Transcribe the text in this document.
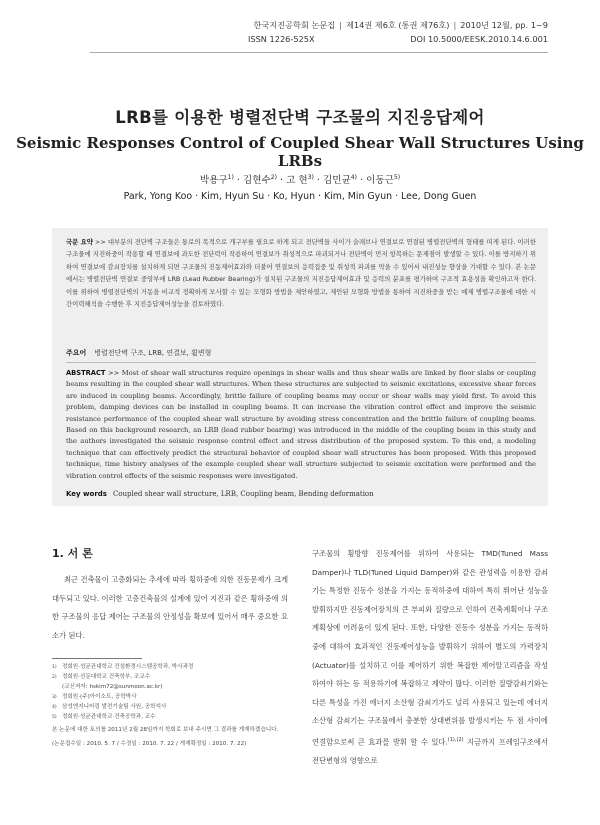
한국지진공학회 논문집 | 제14권 제6호 (통권 제76호) | 2010년 12월, pp. 1~9
ISSN 1226-525X	DOI 10.5000/EESK.2010.14.6.001
LRB를 이용한 병렬전단벽 구조물의 지진응답제어
Seismic Responses Control of Coupled Shear Wall Structures Using LRBs
박용구$^{1)}$ · 김현수$^{2)}$ · 고 현$^{3)}$ · 김민균$^{4)}$ · 이동근$^{5)}$
Park, Yong Koo · Kim, Hyun Su · Ko, Hyun · Kim, Min Gyun · Lee, Dong Guen
국문 요약 >> 대부분의 전단벽 구조들은 통로의 목적으로 개구부를 필요로 하게 되고 전단벽들 사이가 슬래브나 연결보로 연결된 병렬전단벽의 형태를 띠게 된다. 이러한 구조물에 지진하중이 작용할 때 연결보에 과도한 전단력이 작용하여 연결보가 취성적으로 파괴되거나 전단벽이 먼저 항복하는 문제점이 발생할 수 있다. 이를 방지하기 위하여 연결보에 감쇠장치를 설치하게 되면 구조물의 진동제어효과와 더불어 연결보의 응력집중 및 취성적 파괴를 막을 수 있어서 내진성능 향상을 기대할 수 있다. 본 논문에서는 병렬전단벽 연결보 중앙부에 LRB (Lead Rubber Bearing)가 설치된 구조물의 지진응답제어효과 및 응력의 분포를 평가하여 구조적 효용성을 확인하고자 한다. 이를 위하여 병렬전단벽의 거동을 비교적 정확하게 모사할 수 있는 모형화 방법을 제안하였고, 제안된 모형화 방법을 통하여 지진하중을 받는 예제 병렬구조물에 대한 시간이력해석을 수행한 후 지진응답제어성능을 검토하였다.
주요어 병렬전단벽 구조, LRB, 연결보, 휨변형
ABSTRACT >> Most of shear wall structures require openings in shear walls and thus shear walls are linked by floor slabs or coupling beams resulting in the coupled shear wall structures. When these structures are subjected to seismic excitations, excessive shear forces are induced in coupling beams. Accordingly, brittle failure of coupling beams may occur or shear walls may yield first. To avoid this problem, damping devices can be installed in coupling beams. It can increase the vibration control effect and improve the seismic resistance performance of the coupled shear wall structure by avoiding stress concentration and the brittle failure of coupling beams. Based on this background research, an LRB (lead rubber bearing) was introduced in the middle of the coupling beam in this study and the authors investigated the seismic response control effect and stress distribution of the proposed system. To this end, a modeling technique that can effectively predict the structural behavior of coupled shear wall structures has been proposed. With this proposed technique, time history analyses of the example coupled shear wall structure subjected to seismic excitation were performed and the vibration control effects of the seismic responses were investigated.
Key words Coupled shear wall structure, LRB, Coupling beam, Bending deformation
1. 서 론

최근 건축물이 고층화되는 추세에 따라 횡하중에 의한 진동문제가 크게 대두되고 있다. 이러한 고층건축물의 설계에 있어 지진과 같은 횡하중에 의한 구조물의 응답 제어는 구조물의 안정성을 확보에 있어서 매우 중요한 요소가 된다.

1) 정회원·성균관대학교 건설환경시스템공학과, 박사과정
2) 정회원·선문대학교 건축학부, 조교수
(교신저자: hskim72@sunmoon.ac.kr)
3) 정회원·(주)아이소트, 공학박사
4) 삼성엔지니어링 발전기술팀 사원, 공학석사
5) 정회원·성균관대학교 건축공학과, 교수
본 논문에 대한 토의를 2011년 2월 28일까지 학회로 보내 주시면 그 결과를 게재하겠습니다.
(논문접수일 : 2010. 5. 7 / 수정일 : 2010. 7. 22 / 게재확정일 : 2010. 7. 22)

구조물의 횡방향 진동제어를 위하여 사용되는 TMD(Tuned Mass Damper)나 TLD(Tuned Liquid Damper)와 같은 관성력을 이용한 감쇠기는 특정한 진동수 성분을 가지는 동적하중에 대하여 특히 뛰어난 성능을 발휘하지만 진동제어장치의 큰 부피와 질량으로 인하여 건축계획이나 구조계획상에 어려움이 있게 된다. 또한, 다양한 진동수 성분을 가지는 동적하중에 대하여 효과적인 진동제어성능을 발휘하기 위하여 별도의 가력장치(Actuator)를 설치하고 이를 제어하기 위한 복잡한 제어알고리즘을 작성하여야 하는 등 적용하기에 복잡하고 제약이 많다. 이러한 질량감쇠기와는 다른 특성을 가진 에너지 소산형 감쇠기가도 널리 사용되고 있는데 에너지 소산형 감쇠기는 구조물에서 충분한 상대변위를 발생시키는 두 점 사이에 연결함으로써 큰 효과를 발휘 할 수 있다.$^{(1),(2)}$ 지금까지 프레임구조에서 전단변형의 영향으로
